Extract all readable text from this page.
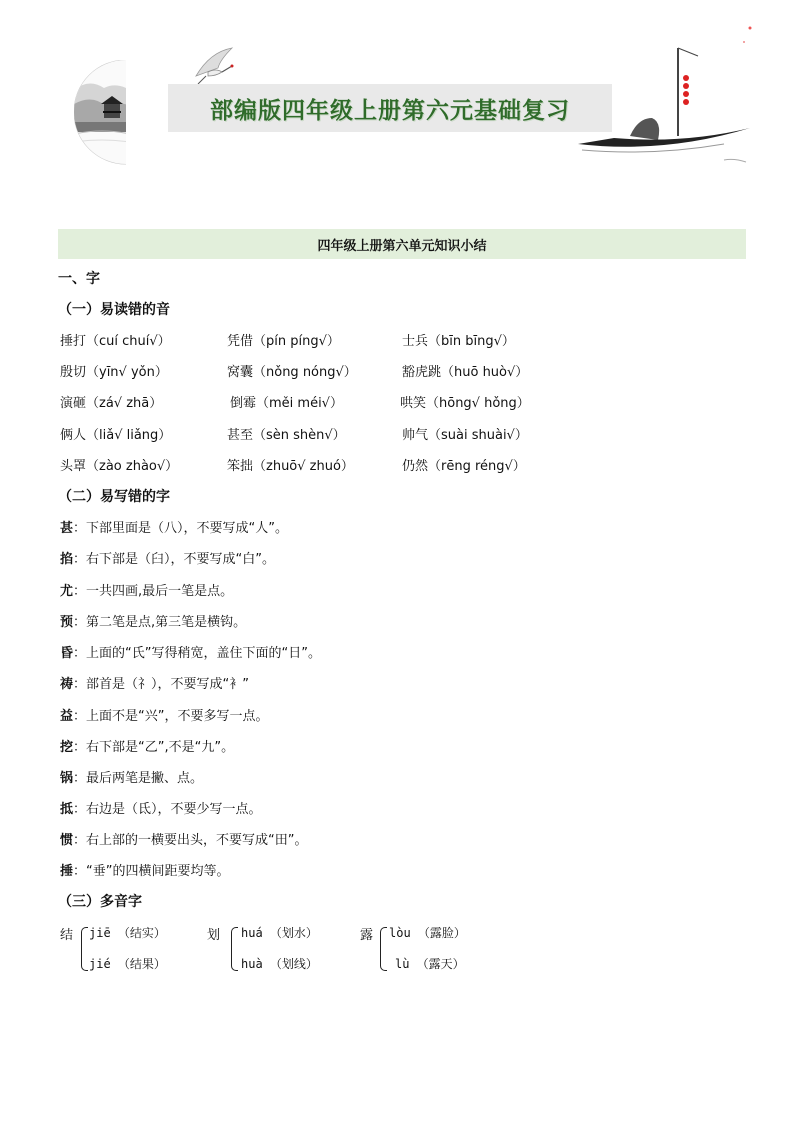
部编版四年级上册第六元基础复习
四年级上册第六单元知识小结
一、字
（一）易读错的音
捶打（cuí chuí√）	凭借（pín píng√）	士兵（bīn bīng√）
殷切（yīn√ yǒn）	窝囊（nǒng nóng√）	豁虎跳（huō huò√）
演砸（zá√ zhā）	倒霉（měi méi√）	哄笑（hōng√ hǒng）
俩人（liǎ√ liǎng）	甚至（sèn shèn√）	帅气（suài shuài√）
头罩（zào zhào√）	笨拙（zhuō√ zhuó）	仍然（rēng réng√）
（二）易写错的字
甚：下部里面是（八），不要写成“人”。
掐：右下部是（臼），不要写成“白”。
尤：一共四画,最后一笔是点。
预：第二笔是点,第三笔是横钩。
昏：上面的“氏”写得稍宽，盖住下面的“日”。
祷：部首是（礻），不要写成“衤”
益：上面不是“兴”，不要多写一点。
挖：右下部是“乙”,不是“九”。
锅：最后两笔是撇、点。
抵：右边是（氐），不要少写一点。
惯：右上部的一横要出头，不要写成“田”。
捶：“垂”的四横间距要均等。
（三）多音字
结 jiē （结实）
jié （结果）
划 huá （划水）
huà （划线）
露 lòu （露脸）
lù （露天）
